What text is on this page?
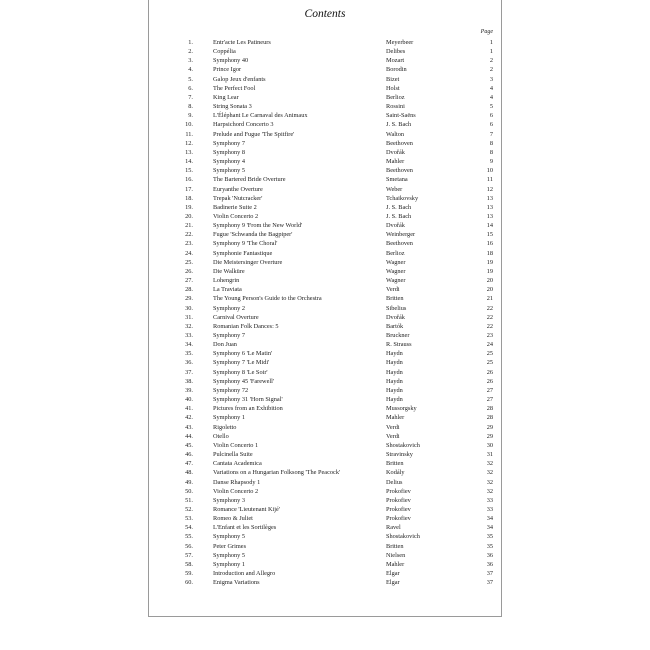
Contents
Page
1.	Entr'acte Les Patineurs	Meyerbeer	1
2.	Coppélia	Delibes	1
3.	Symphony 40	Mozart	2
4.	Prince Igor	Borodin	2
5.	Galop Jeux d'enfants	Bizet	3
6.	The Perfect Fool	Holst	4
7.	King Lear	Berlioz	4
8.	String Sonata 3	Rossini	5
9.	L'Éléphant Le Carnaval des Animaux	Saint-Saëns	6
10.	Harpsichord Concerto 3	J. S. Bach	6
11.	Prelude and Fugue 'The Spitfire'	Walton	7
12.	Symphony 7	Beethoven	8
13.	Symphony 8	Dvořák	8
14.	Symphony 4	Mahler	9
15.	Symphony 5	Beethoven	10
16.	The Bartered Bride Overture	Smetana	11
17.	Euryanthe Overture	Weber	12
18.	Trepak 'Nutcracker'	Tchaikovsky	13
19.	Badinerie Suite 2	J. S. Bach	13
20.	Violin Concerto 2	J. S. Bach	13
21.	Symphony 9 'From the New World'	Dvořák	14
22.	Fugue 'Schwanda the Bagpiper'	Weinberger	15
23.	Symphony 9 'The Choral'	Beethoven	16
24.	Symphonie Fantastique	Berlioz	18
25.	Die Meistersinger Overture	Wagner	19
26.	Die Walküre	Wagner	19
27.	Lohengrin	Wagner	20
28.	La Traviata	Verdi	20
29.	The Young Person's Guide to the Orchestra	Britten	21
30.	Symphony 2	Sibelius	22
31.	Carnival Overture	Dvořák	22
32.	Romanian Folk Dances: 5	Bartók	22
33.	Symphony 7	Bruckner	23
34.	Don Juan	R. Strauss	24
35.	Symphony 6 'Le Matin'	Haydn	25
36.	Symphony 7 'Le Midi'	Haydn	25
37.	Symphony 8 'Le Soir'	Haydn	26
38.	Symphony 45 'Farewell'	Haydn	26
39.	Symphony 72	Haydn	27
40.	Symphony 31 'Horn Signal'	Haydn	27
41.	Pictures from an Exhibition	Mussorgsky	28
42.	Symphony 1	Mahler	28
43.	Rigoletto	Verdi	29
44.	Otello	Verdi	29
45.	Violin Concerto 1	Shostakovich	30
46.	Pulcinella Suite	Stravinsky	31
47.	Cantata Academica	Britten	32
48.	Variations on a Hungarian Folksong 'The Peacock'	Kodály	32
49.	Danse Rhapsody 1	Delius	32
50.	Violin Concerto 2	Prokofiev	32
51.	Symphony 3	Prokofiev	33
52.	Romance 'Lieutenant Kijé'	Prokofiev	33
53.	Romeo & Juliet	Prokofiev	34
54.	L'Enfant et les Sortilèges	Ravel	34
55.	Symphony 5	Shostakovich	35
56.	Peter Grimes	Britten	35
57.	Symphony 5	Nielsen	36
58.	Symphony 1	Mahler	36
59.	Introduction and Allegro	Elgar	37
60.	Enigma Variations	Elgar	37
